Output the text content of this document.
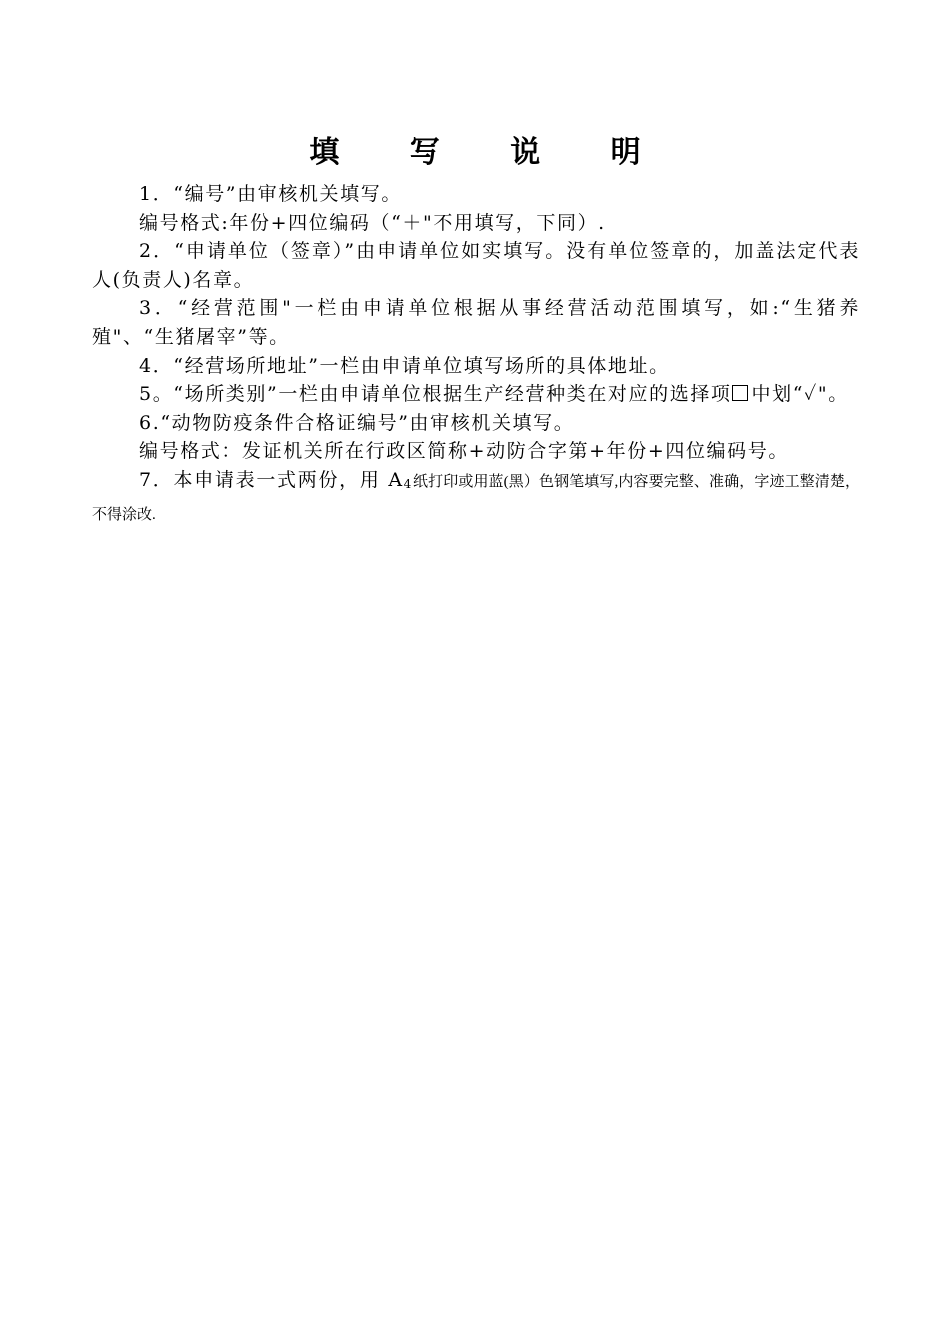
填 写 说 明

1．“编号”由审核机关填写。

编号格式:年份+四位编码（“＋"不用填写，下同）.

2．“申请单位（签章）”由申请单位如实填写。没有单位签章的，加盖法定代表人(负责人)名章。

3．“经营范围"一栏由申请单位根据从事经营活动范围填写，如:“生猪养殖"、“生猪屠宰”等。

4．“经营场所地址”一栏由申请单位填写场所的具体地址。

5。“场所类别”一栏由申请单位根据生产经营种类在对应的选择项 中划“✓"。

6.“动物防疫条件合格证编号”由审核机关填写。

编号格式：发证机关所在行政区简称+动防合字第+年份+四位编码号。

7．本申请表一式两份，用 A4纸打印或用蓝(黑）色钢笔填写,内容要完整、准确，字迹工整清楚，不得涂改.
